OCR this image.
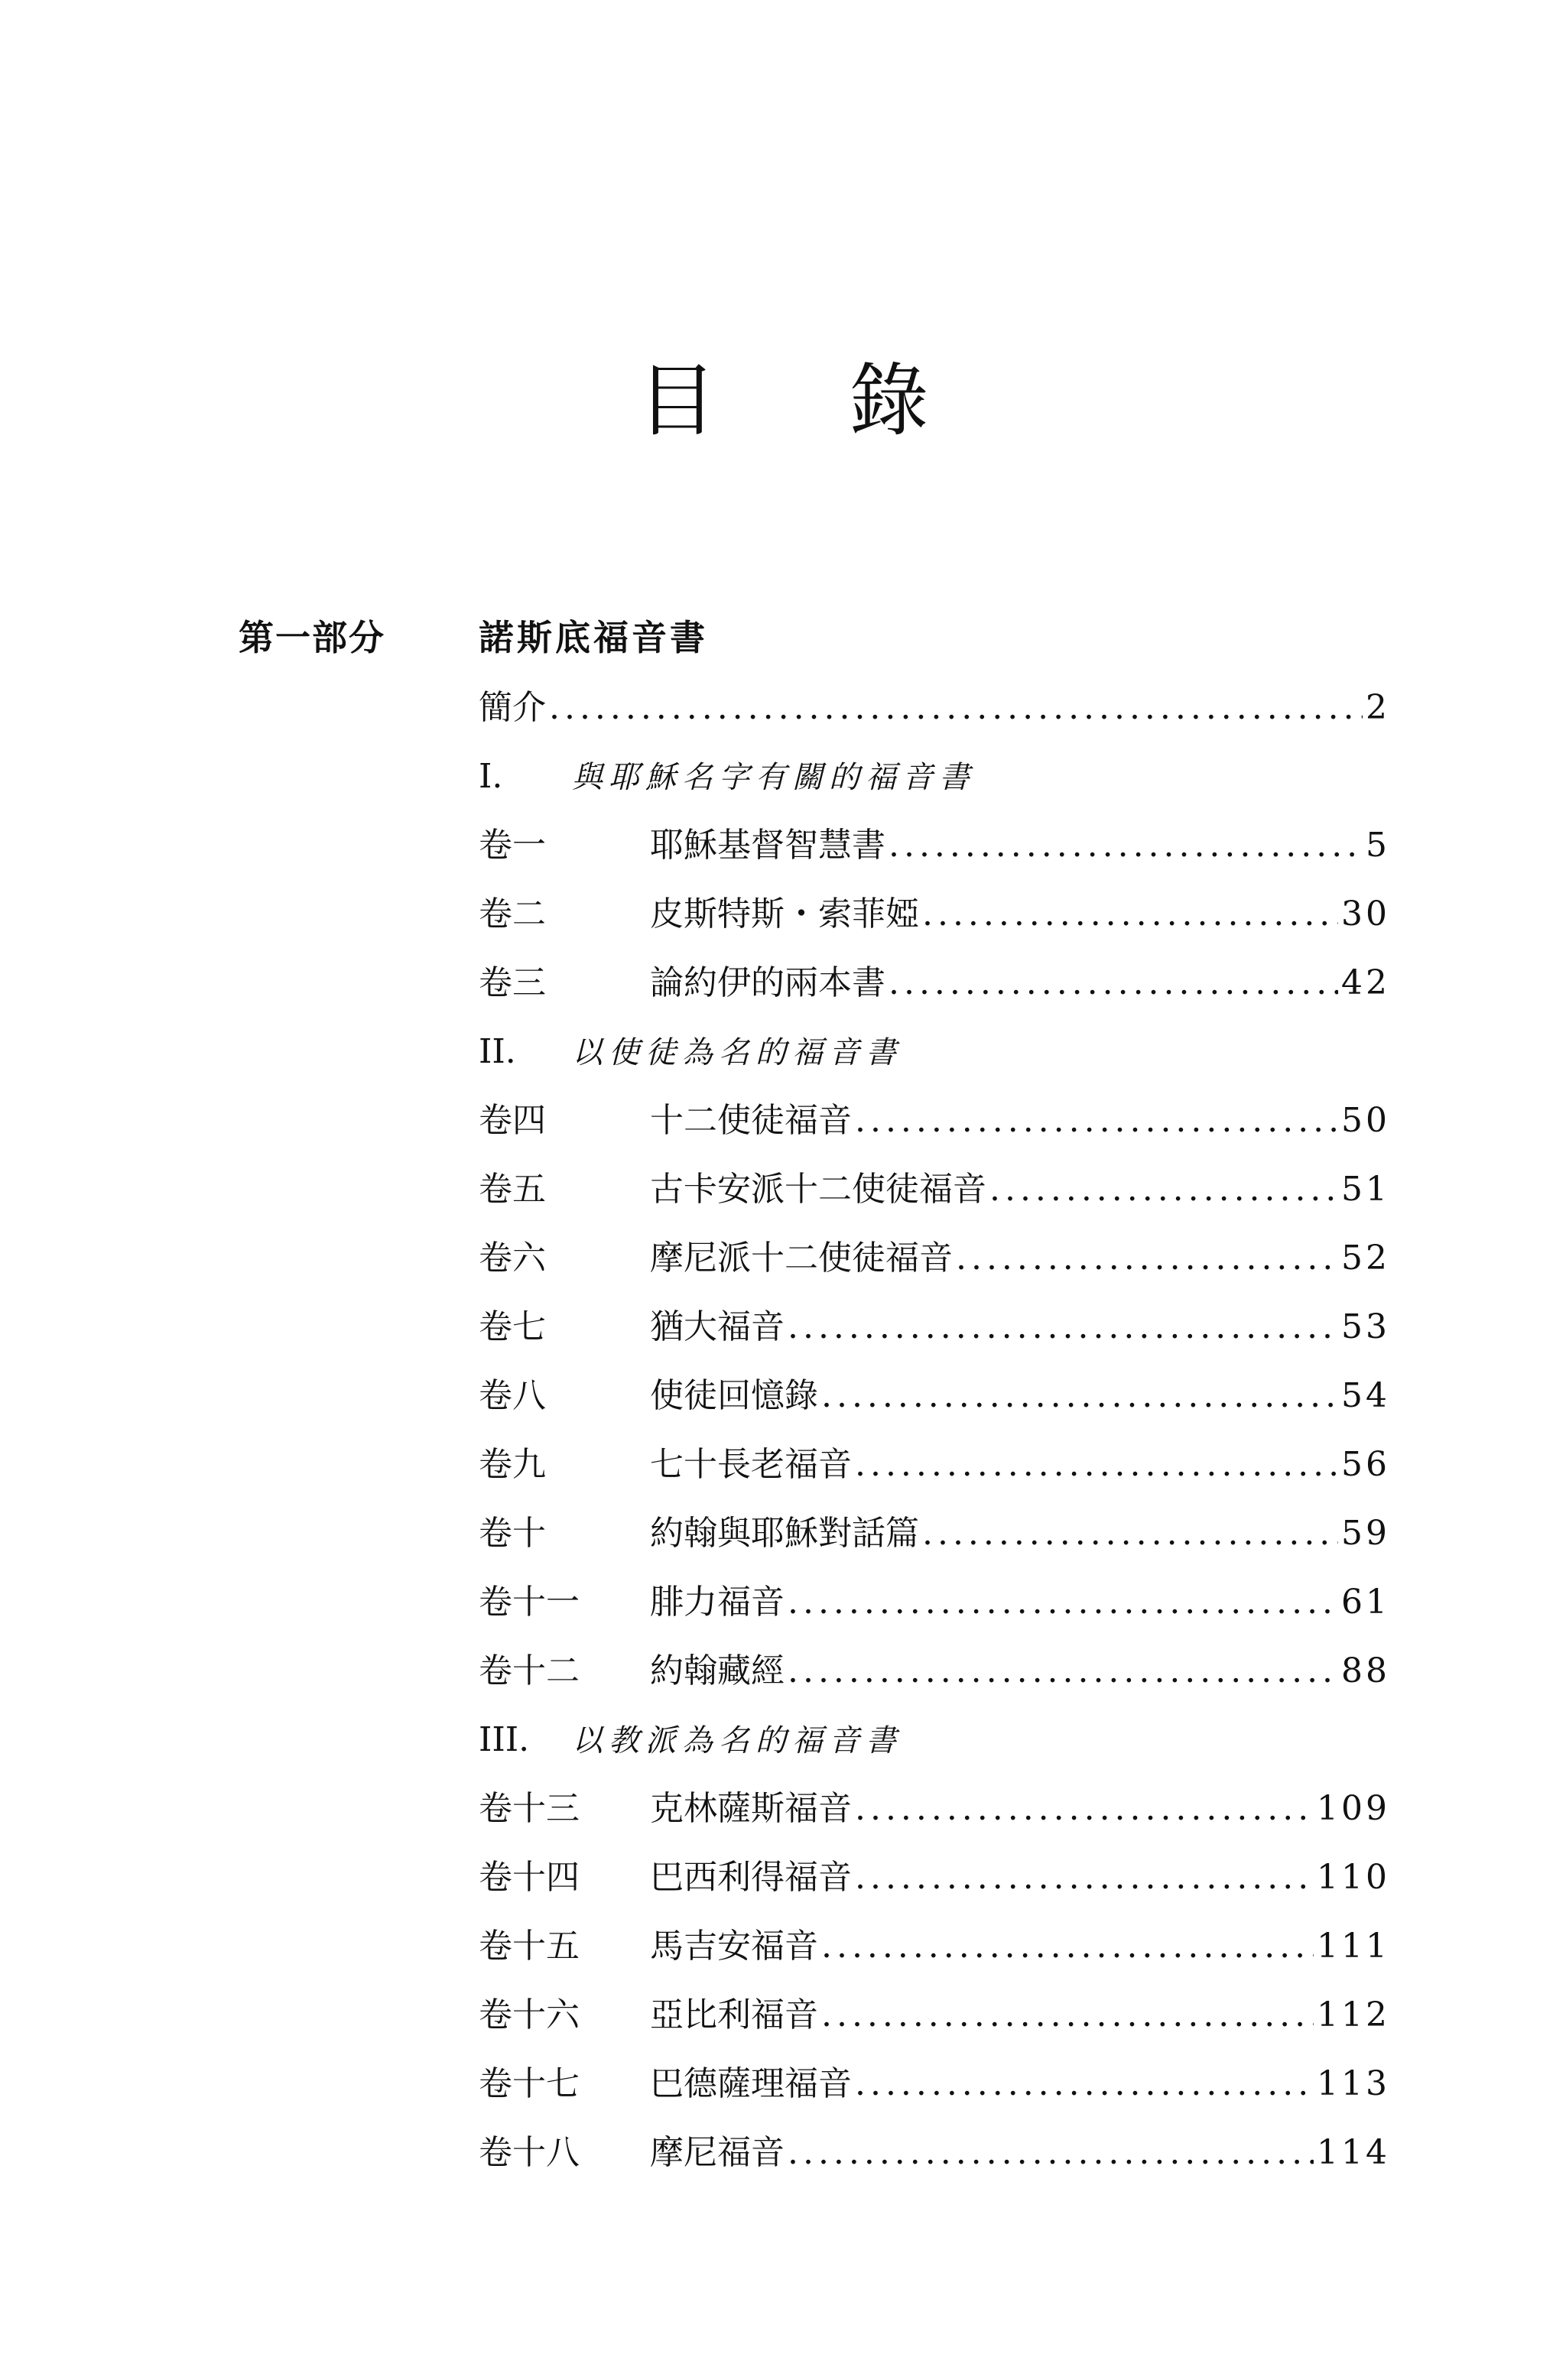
目 錄
第一部分	諾斯底福音書
簡介 . . .	2
I.	與耶穌名字有關的福音書
卷一	耶穌基督智慧書 . . .	5
卷二	皮斯特斯・索菲婭 . . .	30
卷三	論約伊的兩本書 . . .	42
II.	以使徒為名的福音書
卷四	十二使徒福音 . . .	50
卷五	古卡安派十二使徒福音 . . .	51
卷六	摩尼派十二使徒福音 . . .	52
卷七	猶大福音 . . .	53
卷八	使徒回憶錄 . . .	54
卷九	七十長老福音 . . .	56
卷十	約翰與耶穌對話篇 . . .	59
卷十一	腓力福音 . . .	61
卷十二	約翰藏經 . . .	88
III.	以教派為名的福音書
卷十三	克林薩斯福音 . . .	109
卷十四	巴西利得福音 . . .	110
卷十五	馬吉安福音 . . .	111
卷十六	亞比利福音 . . .	112
卷十七	巴德薩理福音 . . .	113
卷十八	摩尼福音 . . .	114
